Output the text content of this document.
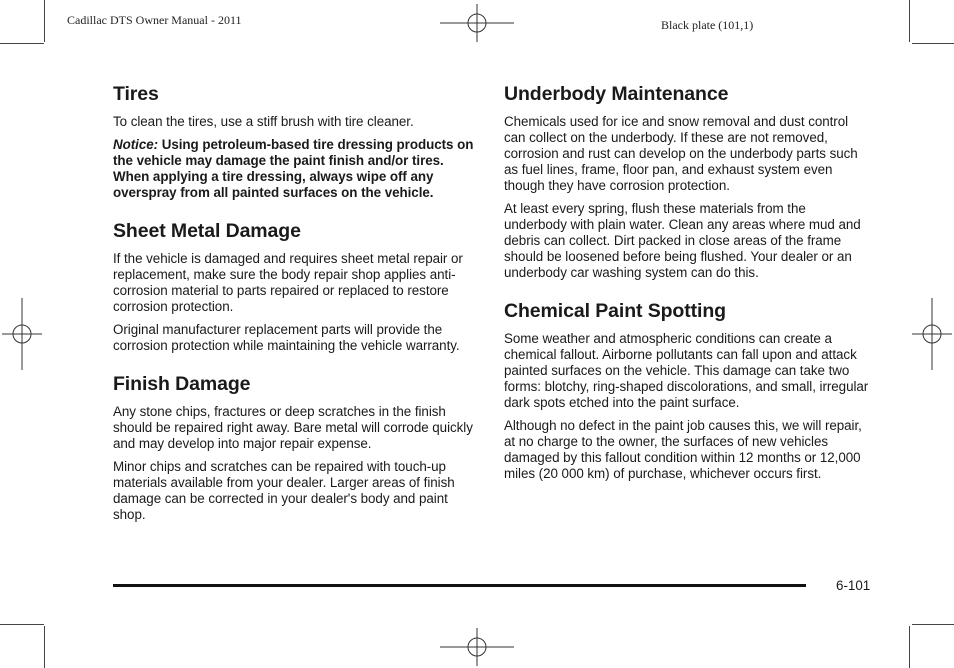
Cadillac DTS Owner Manual - 2011	Black plate (101,1)
Tires

To clean the tires, use a stiff brush with tire cleaner.

Notice: Using petroleum-based tire dressing products on the vehicle may damage the paint finish and/or tires. When applying a tire dressing, always wipe off any overspray from all painted surfaces on the vehicle.

Sheet Metal Damage

If the vehicle is damaged and requires sheet metal repair or replacement, make sure the body repair shop applies anti-corrosion material to parts repaired or replaced to restore corrosion protection.

Original manufacturer replacement parts will provide the corrosion protection while maintaining the vehicle warranty.

Finish Damage

Any stone chips, fractures or deep scratches in the finish should be repaired right away. Bare metal will corrode quickly and may develop into major repair expense.

Minor chips and scratches can be repaired with touch-up materials available from your dealer. Larger areas of finish damage can be corrected in your dealer's body and paint shop.

Underbody Maintenance

Chemicals used for ice and snow removal and dust control can collect on the underbody. If these are not removed, corrosion and rust can develop on the underbody parts such as fuel lines, frame, floor pan, and exhaust system even though they have corrosion protection.

At least every spring, flush these materials from the underbody with plain water. Clean any areas where mud and debris can collect. Dirt packed in close areas of the frame should be loosened before being flushed. Your dealer or an underbody car washing system can do this.

Chemical Paint Spotting

Some weather and atmospheric conditions can create a chemical fallout. Airborne pollutants can fall upon and attack painted surfaces on the vehicle. This damage can take two forms: blotchy, ring-shaped discolorations, and small, irregular dark spots etched into the paint surface.

Although no defect in the paint job causes this, we will repair, at no charge to the owner, the surfaces of new vehicles damaged by this fallout condition within 12 months or 12,000 miles (20 000 km) of purchase, whichever occurs first.

6-101
